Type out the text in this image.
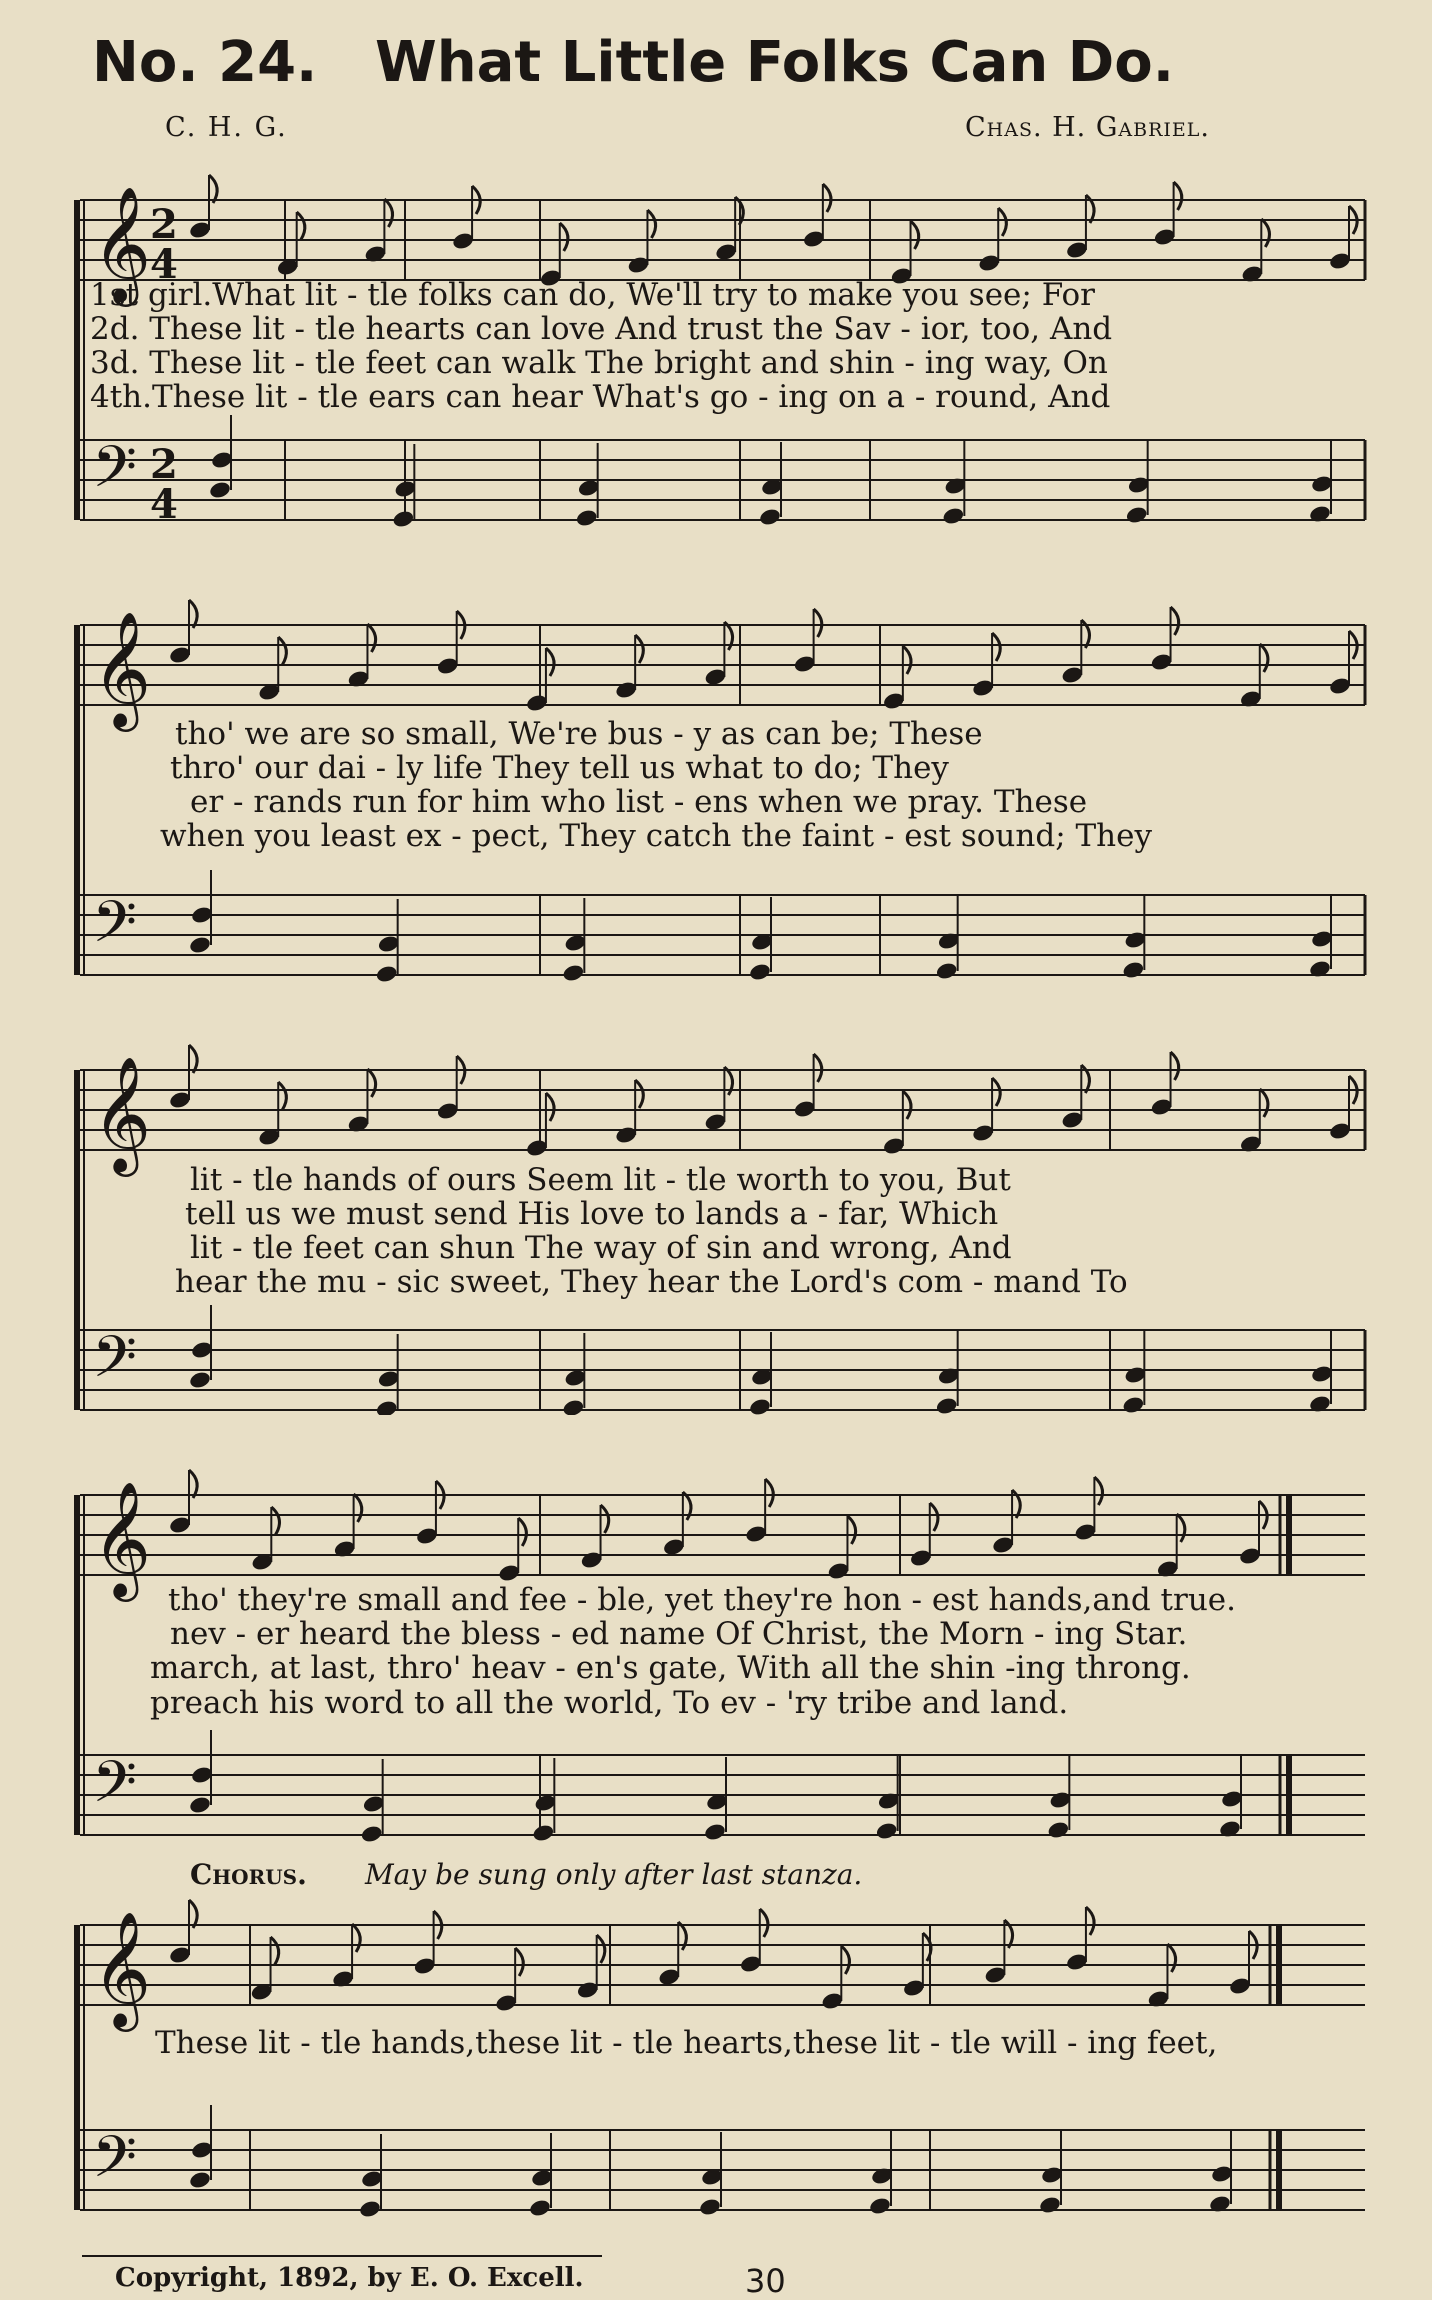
No. 24. What Little Folks Can Do.
C. H. G.	Chas. H. Gabriel.
𝄞
𝄢
2
4
2
4
1st girl.What lit - tle folks can do, We'll try to make you see; For
2d. These lit - tle hearts can love And trust the Sav - ior, too, And
3d. These lit - tle feet can walk The bright and shin - ing way, On
4th.These lit - tle ears can hear What's go - ing on a - round, And
𝄞
𝄢
tho' we are so small, We're bus - y as can be; These
thro' our dai - ly life They tell us what to do; They
er - rands run for him who list - ens when we pray. These
when you least ex - pect, They catch the faint - est sound; They
𝄞
𝄢
lit - tle hands of ours Seem lit - tle worth to you, But
tell us we must send His love to lands a - far, Which
lit - tle feet can shun The way of sin and wrong, And
hear the mu - sic sweet, They hear the Lord's com - mand To
𝄞
𝄢
tho' they're small and fee - ble, yet they're hon - est hands,and true.
nev - er heard the bless - ed name Of Christ, the Morn - ing Star.
march, at last, thro' heav - en's gate, With all the shin -ing throng.
preach his word to all the world, To ev - 'ry tribe and land.
Chorus. May be sung only after last stanza.
𝄞
𝄢
These lit - tle hands,these lit - tle hearts,these lit - tle will - ing feet,
Copyright, 1892, by E. O. Excell.	30
